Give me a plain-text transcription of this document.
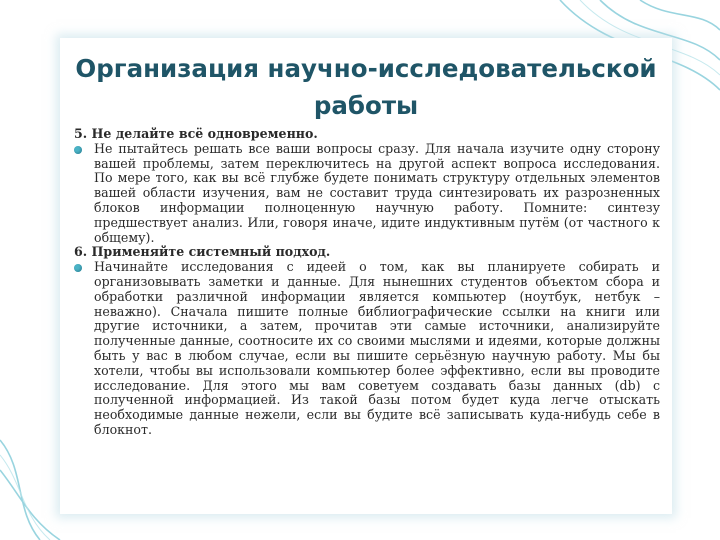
Организация научно-исследовательской
работы

5. Не делайте всё одновременно.

Не пытайтесь решать все ваши вопросы сразу. Для начала изучите одну сторону вашей проблемы, затем переключитесь на другой аспект вопроса исследования. По мере того, как вы всё глубже будете понимать структуру отдельных элементов вашей области изучения, вам не составит труда синтезировать их разрозненных блоков информации полноценную научную работу. Помните: синтезу предшествует анализ. Или, говоря иначе, идите индуктивным путём (от частного к общему).

6. Применяйте системный подход.

Начинайте исследования с идеей о том, как вы планируете собирать и организовывать заметки и данные. Для нынешних студентов объектом сбора и обработки различной информации является компьютер (ноутбук, нетбук – неважно). Сначала пишите полные библиографические ссылки на книги или другие источники, а затем, прочитав эти самые источники, анализируйте полученные данные, соотносите их со своими мыслями и идеями, которые должны быть у вас в любом случае, если вы пишите серьёзную научную работу. Мы бы хотели, чтобы вы использовали компьютер более эффективно, если вы проводите исследование. Для этого мы вам советуем создавать базы данных (db) с полученной информацией. Из такой базы потом будет куда легче отыскать необходимые данные нежели, если вы будите всё записывать куда-нибудь себе в блокнот.
